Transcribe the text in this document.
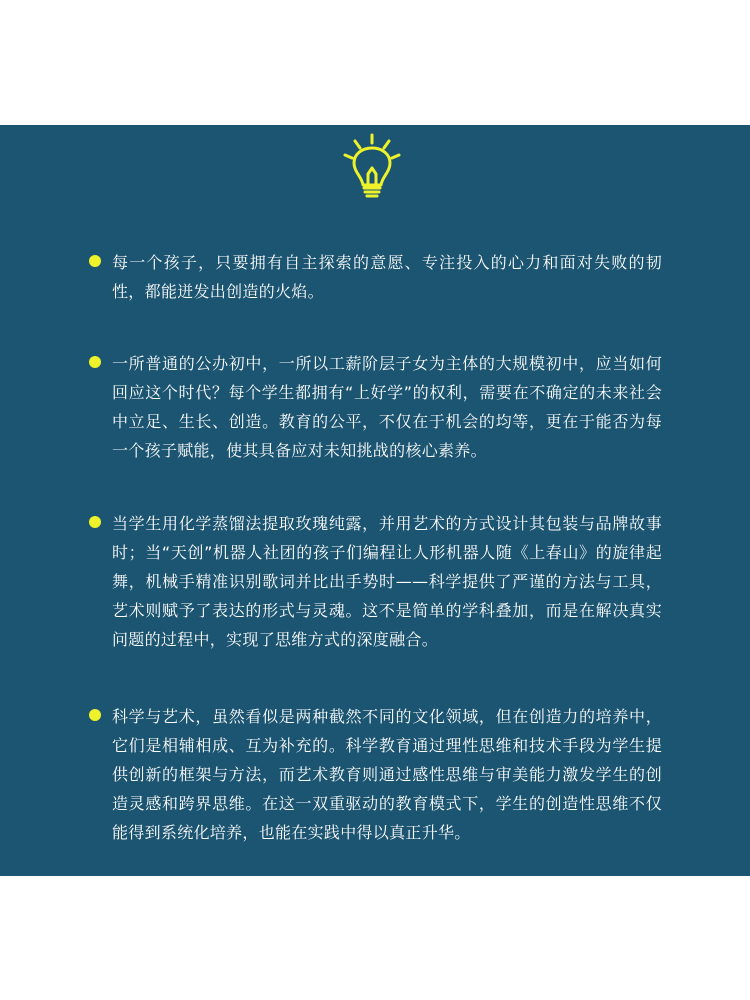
每一个孩子，只要拥有自主探索的意愿、专注投入的心力和面对失败的韧性，都能迸发出创造的火焰。

一所普通的公办初中，一所以工薪阶层子女为主体的大规模初中，应当如何回应这个时代？每个学生都拥有“上好学”的权利，需要在不确定的未来社会中立足、生长、创造。教育的公平，不仅在于机会的均等，更在于能否为每一个孩子赋能，使其具备应对未知挑战的核心素养。

当学生用化学蒸馏法提取玫瑰纯露，并用艺术的方式设计其包装与品牌故事时；当“天创”机器人社团的孩子们编程让人形机器人随《上春山》的旋律起舞，机械手精准识别歌词并比出手势时——科学提供了严谨的方法与工具，艺术则赋予了表达的形式与灵魂。这不是简单的学科叠加，而是在解决真实问题的过程中，实现了思维方式的深度融合。

科学与艺术，虽然看似是两种截然不同的文化领域，但在创造力的培养中，它们是相辅相成、互为补充的。科学教育通过理性思维和技术手段为学生提供创新的框架与方法，而艺术教育则通过感性思维与审美能力激发学生的创造灵感和跨界思维。在这一双重驱动的教育模式下，学生的创造性思维不仅能得到系统化培养，也能在实践中得以真正升华。
